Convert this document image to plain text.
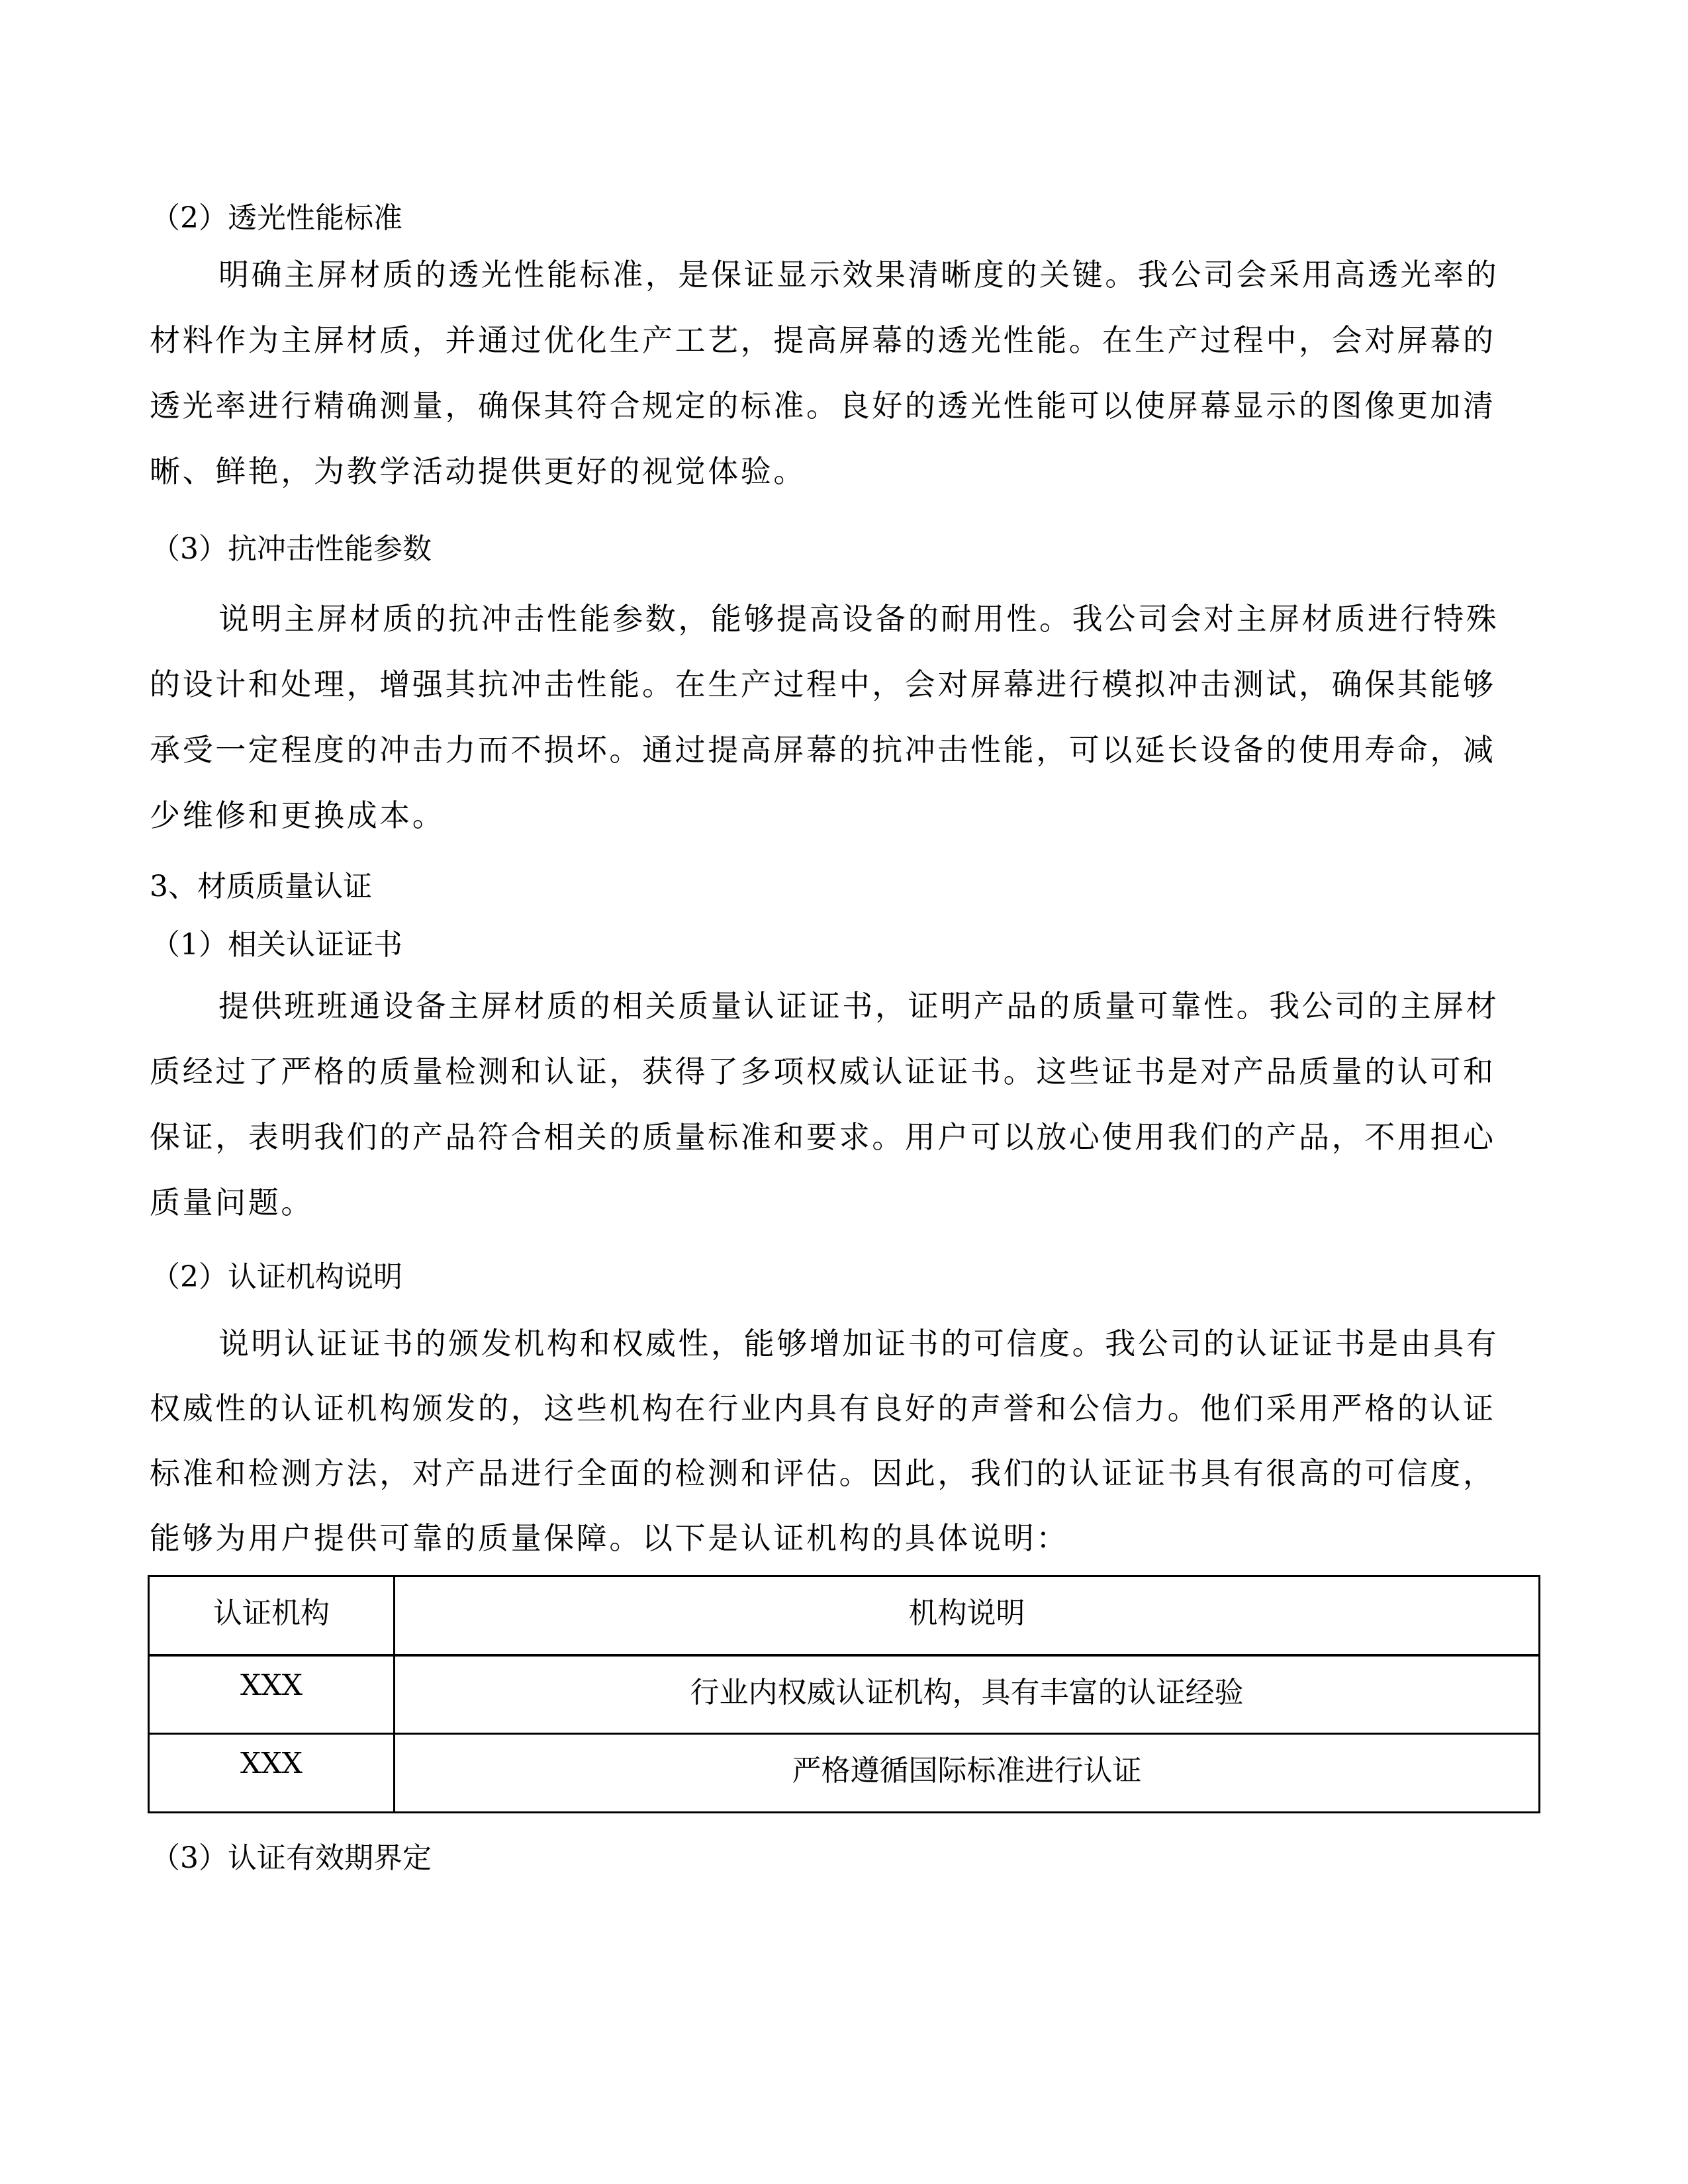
（2）透光性能标准
明确主屏材质的透光性能标准，是保证显示效果清晰度的关键。我公司会采用高透光率的
材料作为主屏材质，并通过优化生产工艺，提高屏幕的透光性能。在生产过程中，会对屏幕的
透光率进行精确测量，确保其符合规定的标准。良好的透光性能可以使屏幕显示的图像更加清
晰、鲜艳，为教学活动提供更好的视觉体验。
（3）抗冲击性能参数
说明主屏材质的抗冲击性能参数，能够提高设备的耐用性。我公司会对主屏材质进行特殊
的设计和处理，增强其抗冲击性能。在生产过程中，会对屏幕进行模拟冲击测试，确保其能够
承受一定程度的冲击力而不损坏。通过提高屏幕的抗冲击性能，可以延长设备的使用寿命，减
少维修和更换成本。
3、材质质量认证
（1）相关认证证书
提供班班通设备主屏材质的相关质量认证证书，证明产品的质量可靠性。我公司的主屏材
质经过了严格的质量检测和认证，获得了多项权威认证证书。这些证书是对产品质量的认可和
保证，表明我们的产品符合相关的质量标准和要求。用户可以放心使用我们的产品，不用担心
质量问题。
（2）认证机构说明
说明认证证书的颁发机构和权威性，能够增加证书的可信度。我公司的认证证书是由具有
权威性的认证机构颁发的，这些机构在行业内具有良好的声誉和公信力。他们采用严格的认证
标准和检测方法，对产品进行全面的检测和评估。因此，我们的认证证书具有很高的可信度，
能够为用户提供可靠的质量保障。以下是认证机构的具体说明：
认证机构	机构说明
XXX	行业内权威认证机构，具有丰富的认证经验
XXX	严格遵循国际标准进行认证
（3）认证有效期界定
